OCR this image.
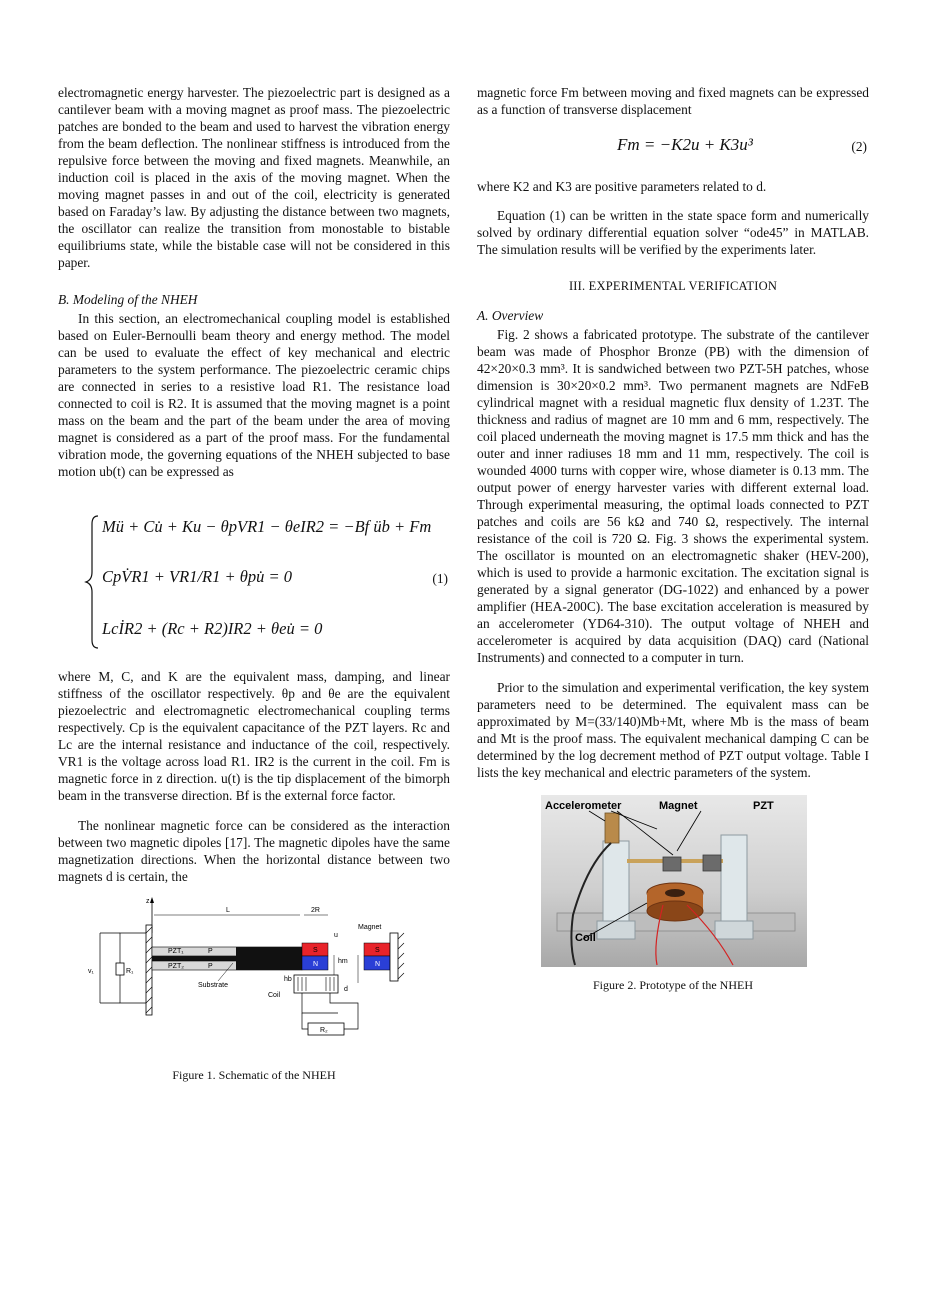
electromagnetic energy harvester. The piezoelectric part is designed as a cantilever beam with a moving magnet as proof mass. The piezoelectric patches are bonded to the beam and used to harvest the vibration energy from the beam deflection. The nonlinear stiffness is introduced from the repulsive force between the moving and fixed magnets. Meanwhile, an induction coil is placed in the axis of the moving magnet. When the moving magnet passes in and out of the coil, electricity is generated based on Faraday’s law. By adjusting the distance between two magnets, the oscillator can realize the transition from monostable to bistable equilibriums state, while the bistable case will not be considered in this paper.

B. Modeling of the NHEH

In this section, an electromechanical coupling model is established based on Euler-Bernoulli beam theory and energy method. The model can be used to evaluate the effect of key mechanical and electric parameters to the system performance. The piezoelectric ceramic chips are connected in series to a resistive load R1. The resistance load connected to coil is R2. It is assumed that the moving magnet is a point mass on the beam and the part of the beam under the area of moving magnet is considered as a part of the proof mass. For the fundamental vibration mode, the governing equations of the NHEH subjected to base motion ub(t) can be expressed as

Mü + Cu̇ + Ku − θpVR1 − θeIR2 = −Bf üb + Fm
CpV̇R1 + VR1/R1 + θpu̇ = 0
LcİR2 + (Rc + R2)IR2 + θeu̇ = 0
(1)

where M, C, and K are the equivalent mass, damping, and linear stiffness of the oscillator respectively. θp and θe are the equivalent piezoelectric and electromagnetic electromechanical coupling terms respectively. Cp is the equivalent capacitance of the PZT layers. Rc and Lc are the internal resistance and inductance of the coil, respectively. VR1 is the voltage across load R1. IR2 is the current in the coil. Fm is magnetic force in z direction. u(t) is the tip displacement of the bimorph beam in the transverse direction. Bf is the external force factor.

The nonlinear magnetic force can be considered as the interaction between two magnetic dipoles [17]. The magnetic dipoles have the same magnetization directions. When the horizontal distance between two magnets d is certain, the

z
L	2R
PZT₁
PZT₂
P
P
Substrate
S
N
S
N
Magnet
u
hm
hb
d
Coil
R₂
R₁
v₁

Figure 1. Schematic of the NHEH

magnetic force Fm between moving and fixed magnets can be expressed as a function of transverse displacement

Fm = −K2u + K3u³	(2)

where K2 and K3 are positive parameters related to d.

Equation (1) can be written in the state space form and numerically solved by ordinary differential equation solver “ode45” in MATLAB. The simulation results will be verified by the experiments later.

III. EXPERIMENTAL VERIFICATION

A. Overview

Fig. 2 shows a fabricated prototype. The substrate of the cantilever beam was made of Phosphor Bronze (PB) with the dimension of 42×20×0.3 mm³. It is sandwiched between two PZT-5H patches, whose dimension is 30×20×0.2 mm³. Two permanent magnets are NdFeB cylindrical magnet with a residual magnetic flux density of 1.23T. The thickness and radius of magnet are 10 mm and 6 mm, respectively. The coil placed underneath the moving magnet is 17.5 mm thick and has the outer and inner radiuses 18 mm and 11 mm, respectively. The coil is wounded 4000 turns with copper wire, whose diameter is 0.13 mm. The output power of energy harvester varies with different external load. Through experimental measuring, the optimal loads connected to PZT patches and coils are 56 kΩ and 740 Ω, respectively. The internal resistance of the coil is 720 Ω. Fig. 3 shows the experimental system. The oscillator is mounted on an electromagnetic shaker (HEV-200), which is used to provide a harmonic excitation. The excitation signal is generated by a signal generator (DG-1022) and enhanced by a power amplifier (HEA-200C). The base excitation acceleration is measured by an accelerometer (YD64-310). The output voltage of NHEH and accelerometer is acquired by data acquisition (DAQ) card (National Instruments) and connected to a computer in turn.

Prior to the simulation and experimental verification, the key system parameters need to be determined. The equivalent mass can be approximated by M=(33/140)Mb+Mt, where Mb is the mass of beam and Mt is the proof mass. The equivalent mechanical damping C can be determined by the log decrement method of PZT output voltage. Table I lists the key mechanical and electric parameters of the system.

Accelerometer	Magnet	PZT
Coil

Figure 2. Prototype of the NHEH
